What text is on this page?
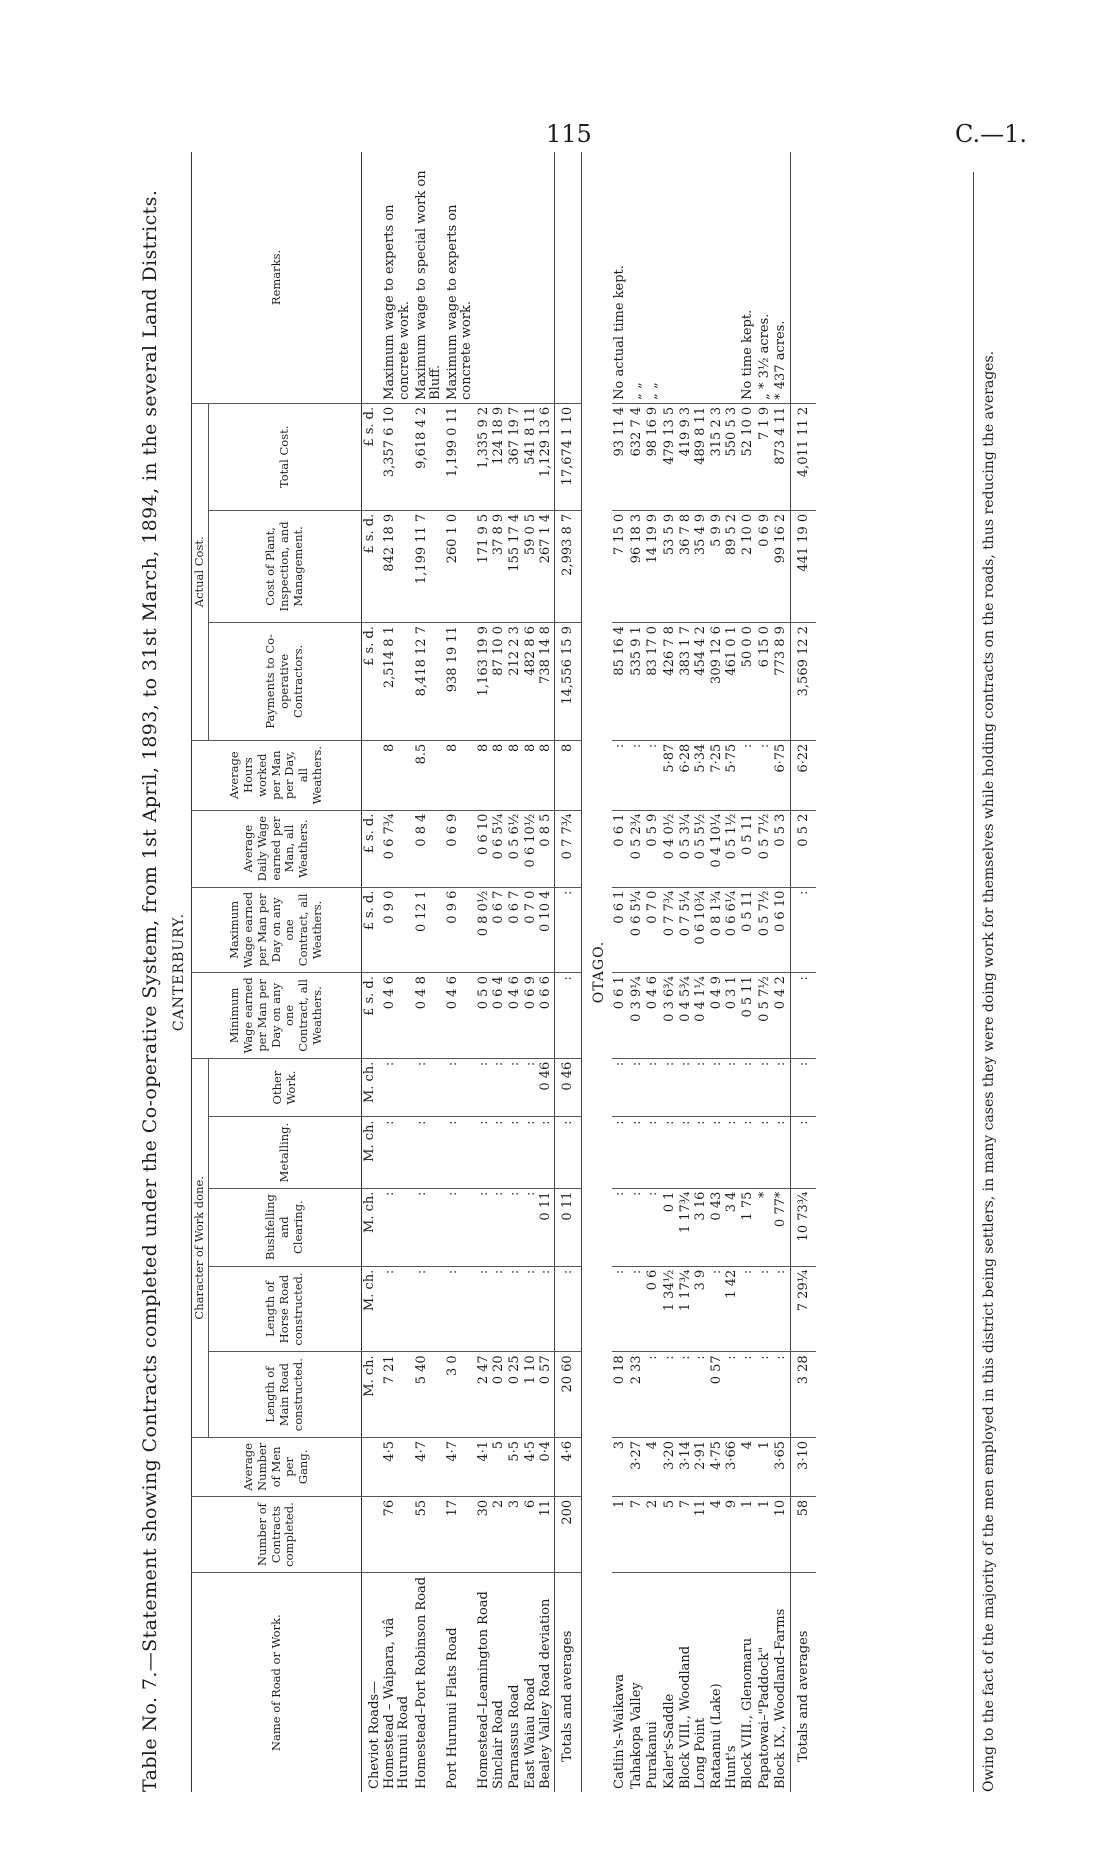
115	C.—1.
Table No. 7.—Statement showing Contracts completed under the Co-operative System, from 1st April, 1893, to 31st March, 1894, in the several Land Districts. CANTERBURY.
Name of Road or Work.	Number of Contracts completed.	Average Number of Men per Gang.	Character of Work done.					Minimum Wage earned per Man per Day on any one Contract, all Weathers.	Maximum Wage earned per Man per Day on any one Contract, all Weathers.	Average Daily Wage earned per Man, all Weathers.	Average Hours worked per Man per Day, all Weathers.	Actual Cost.			Remarks.
			Length of Main Road constructed.	Length of Horse Road constructed.	Bushfelling and Clearing.	Metalling.	Other Work.					Payments to Co-operative Contractors.	Cost of Plant, Inspection, and Management.	Total Cost.	
Cheviot Roads—			M. ch.	M. ch.	M. ch.	M. ch.	M. ch.	£ s. d.	£ s. d.	£ s. d.		£ s. d.	£ s. d.	£ s. d.	
Homestead – Waipara, viâ Hurunui Road	76	4·5	7 21	:	:	:	:	0 4 6	0 9 0	0 6 7¾	8	2,514 8 1	842 18 9	3,357 6 10	Maximum wage to experts on concrete work.
Homestead–Port Robinson Road	55	4·7	5 40	:	:	:	:	0 4 8	0 12 1	0 8 4	8.5	8,418 12 7	1,199 11 7	9,618 4 2	Maximum wage to special work on Bluff.
Port Hurunui Flats Road	17	4·7	3 0	:	:	:	:	0 4 6	0 9 6	0 6 9	8	938 19 11	260 1 0	1,199 0 11	Maximum wage to experts on concrete work.
Homestead–Leamington Road	30	4·1	2 47	:	:	:	:	0 5 0	0 8 0½	0 6 10	8	1,163 19 9	171 9 5	1,335 9 2	
Sinclair Road	2	5	0 20	:	:	:	:	0 6 4	0 6 7	0 6 5¼	8	87 10 0	37 8 9	124 18 9	
Parnassus Road	3	5·5	0 25	:	:	:	:	0 4 6	0 6 7	0 5 6½	8	212 2 3	155 17 4	367 19 7	
East Waiau Road	6	4·5	1 10	:	:	:	:	0 6 9	0 7 0	0 6 10½	8	482 8 6	59 0 5	541 8 11	
Bealey Valley Road deviation	11	0·4	0 57	:	0 11	:	0 46	0 6 6	0 10 4	0 8 5	8	738 14 8	267 1 4	1,129 13 6	
Totals and averages	200	4·6	20 60	:	0 11	:	0 46	:	:	0 7 7¾	8	14,556 15 9	2,993 8 7	17,674 1 10	
OTAGO.															
Catlin's–Waikawa	1	3	0 18	:	:	:	:	0 6 1	0 6 1	0 6 1	:	85 16 4	7 15 0	93 11 4	No actual time kept.
Tahakopa Valley	7	3·27	2 33	:	:	:	:	0 3 9¼	0 6 5¼	0 5 2¾	:	535 9 1	96 18 3	632 7 4	„ „
Purakanui	2	4	:	0 6	:	:	:	0 4 6	0 7 0	0 5 9	:	83 17 0	14 19 9	98 16 9	„ „
Kaler's-Saddle	5	3·20	:	1 34½	0 1	:	:	0 3 6¾	0 7 7¾	0 4 0½	5·87	426 7 8	53 5 9	479 13 5	
Block VIII., Woodland	7	3·14	:	1 17¾	1 17¾	:	:	0 4 5¾	0 7 5¼	0 5 3¼	6·28	383 1 7	36 7 8	419 9 3	
Long Point	11	2·91	:	3 9	3 16	:	:	0 4 1¼	0 6 10¾	0 5 5½	5·34	454 4 2	35 4 9	489 8 11	
Rataanui (Lake)	4	4·75	0 57	:	0 43	:	:	0 4 9	0 8 1¾	0 4 10¼	7·25	309 12 6	5 9 9	315 2 3	
Hunt's	9	3·66	:	1 42	3 4	:	:	0 3 1	0 6 6¼	0 5 1½	5·75	461 0 1	89 5 2	550 5 3	
Block VIII., Glenomaru	1	4	:	:	1 75	:	:	0 5 11	0 5 11	0 5 11	:	50 0 0	2 10 0	52 10 0	No time kept.
Papatowai–"Paddock"	1	1	:	:	*	:	:	0 5 7½	0 5 7½	0 5 7½	:	6 15 0	0 6 9	7 1 9	„ * 3½ acres.
Block IX., Woodland–Farms	10	3·65	:	:	0 77*	:	:	0 4 2	0 6 10	0 5 3	6·75	773 8 9	99 16 2	873 4 11	* 437 acres.
Totals and averages	58	3·10	3 28	7 29¼	10 73¾	:	:	:	:	0 5 2	6·22	3,569 12 2	441 19 0	4,011 11 2		Owing to the fact of the majority of the men employed in this district being settlers, in many cases they were doing work for themselves while holding contracts on the roads, thus reducing the averages.
